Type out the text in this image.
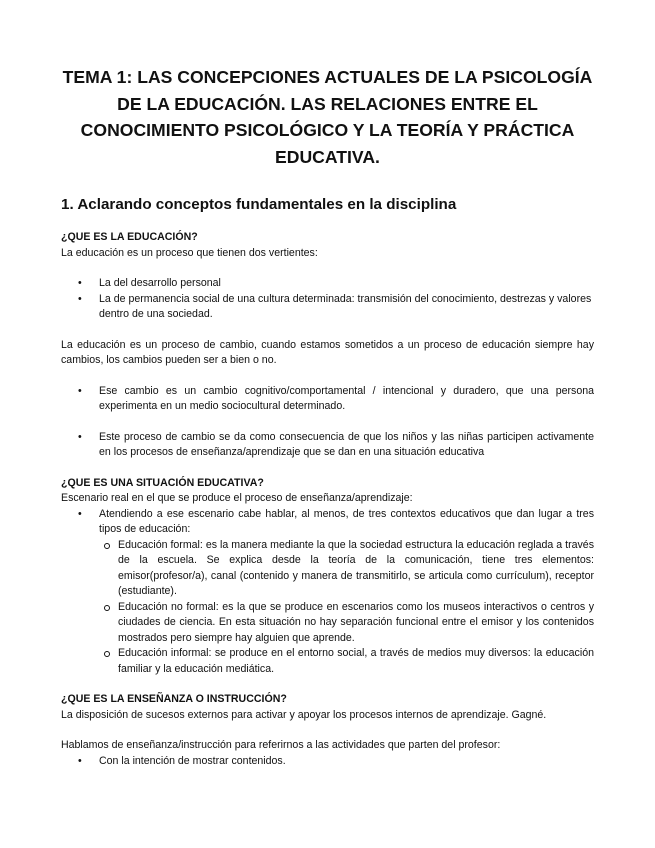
TEMA 1: LAS CONCEPCIONES ACTUALES DE LA PSICOLOGÍA DE LA EDUCACIÓN. LAS RELACIONES ENTRE EL CONOCIMIENTO PSICOLÓGICO Y LA TEORÍA Y PRÁCTICA EDUCATIVA.
1. Aclarando conceptos fundamentales en la disciplina

¿QUE ES LA EDUCACIÓN?

La educación es un proceso que tienen dos vertientes:

• La del desarrollo personal
• La de permanencia social de una cultura determinada: transmisión del conocimiento, destrezas y valores dentro de una sociedad.

La educación es un proceso de cambio, cuando estamos sometidos a un proceso de educación siempre hay cambios, los cambios pueden ser a bien o no.

• Ese cambio es un cambio cognitivo/comportamental / intencional y duradero, que una persona experimenta en un medio sociocultural determinado.
• Este proceso de cambio se da como consecuencia de que los niños y las niñas participen activamente en los procesos de enseñanza/aprendizaje que se dan en una situación educativa

¿QUE ES UNA SITUACIÓN EDUCATIVA?

Escenario real en el que se produce el proceso de enseñanza/aprendizaje:

• Atendiendo a ese escenario cabe hablar, al menos, de tres contextos educativos que dan lugar a tres tipos de educación:
Educación formal: es la manera mediante la que la sociedad estructura la educación reglada a través de la escuela. Se explica desde la teoría de la comunicación, tiene tres elementos: emisor(profesor/a), canal (contenido y manera de transmitirlo, se articula como currículum), receptor (estudiante).
Educación no formal: es la que se produce en escenarios como los museos interactivos o centros y ciudades de ciencia. En esta situación no hay separación funcional entre el emisor y los contenidos mostrados pero siempre hay alguien que aprende.
Educación informal: se produce en el entorno social, a través de medios muy diversos: la educación familiar y la educación mediática.

¿QUE ES LA ENSEÑANZA O INSTRUCCIÓN?

La disposición de sucesos externos para activar y apoyar los procesos internos de aprendizaje. Gagné.

Hablamos de enseñanza/instrucción para referirnos a las actividades que parten del profesor:

• Con la intención de mostrar contenidos.
